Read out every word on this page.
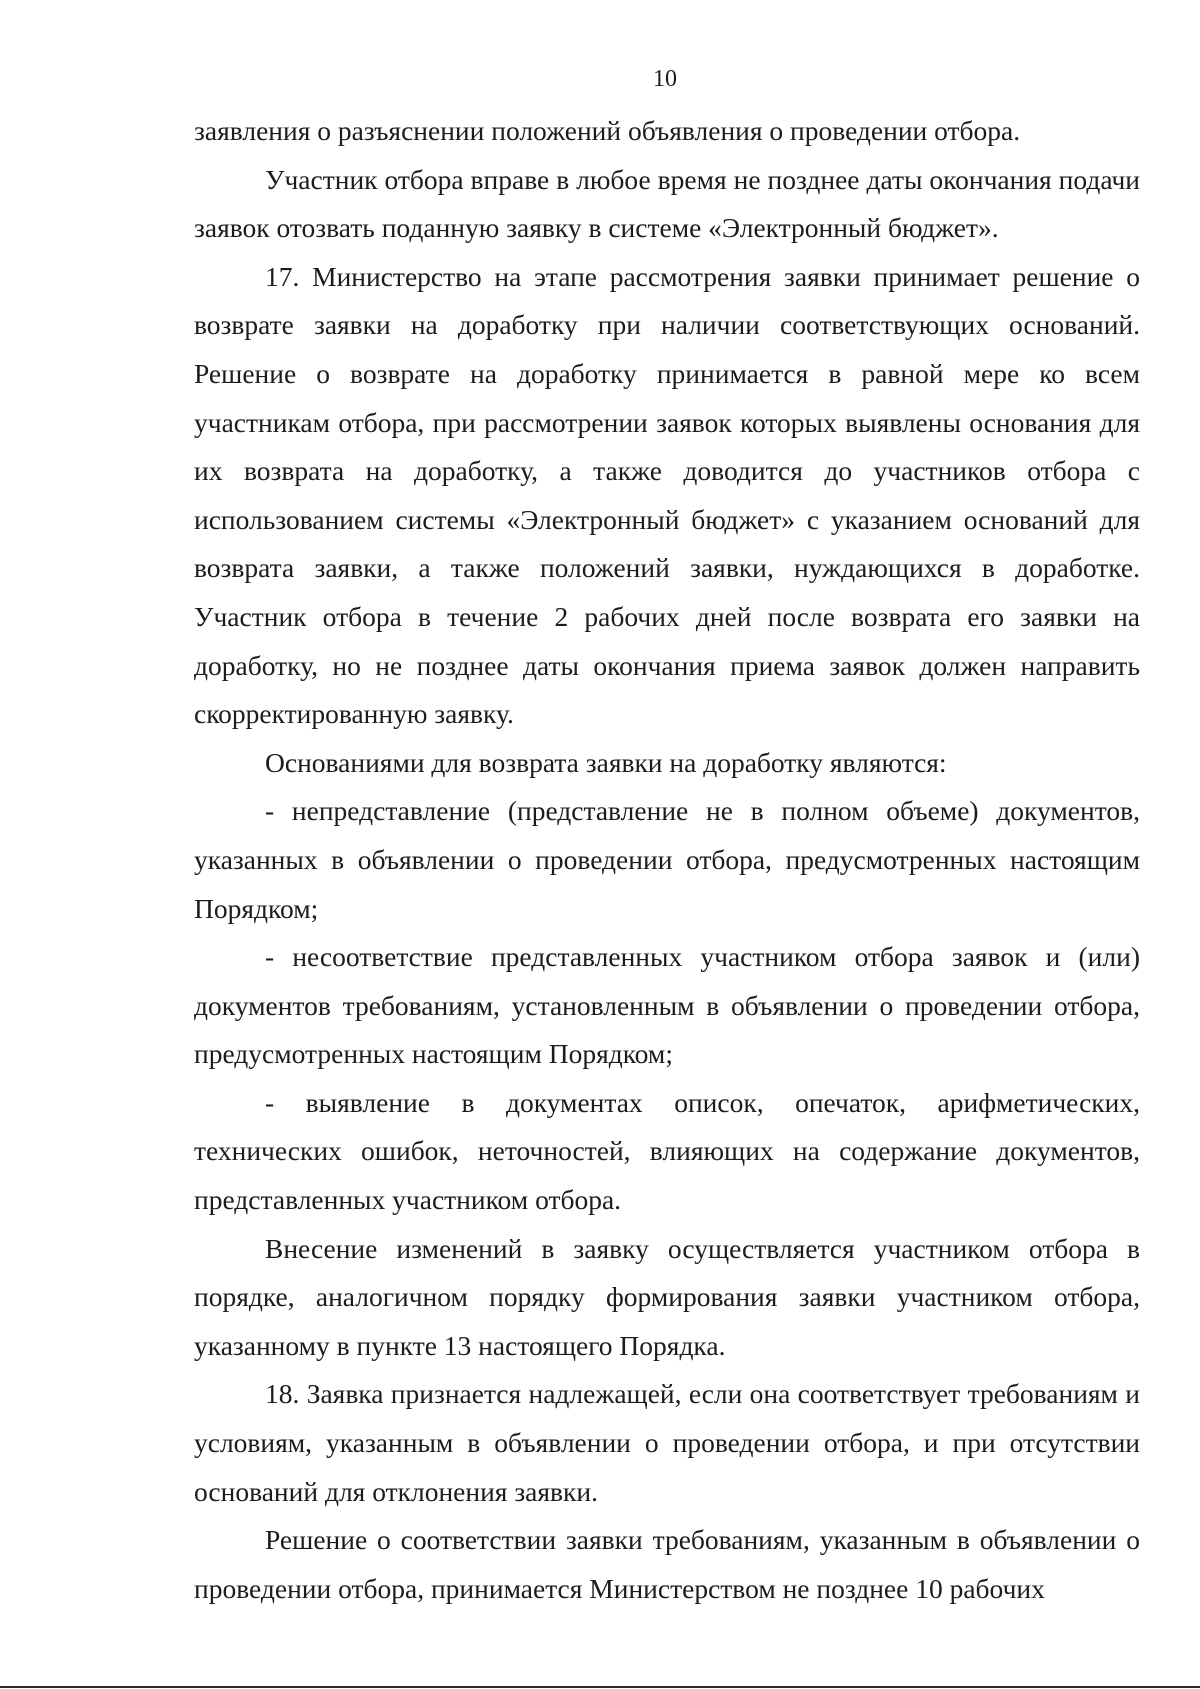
10

заявления о разъяснении положений объявления о проведении отбора.

Участник отбора вправе в любое время не позднее даты окончания подачи заявок отозвать поданную заявку в системе «Электронный бюджет».

17. Министерство на этапе рассмотрения заявки принимает решение о возврате заявки на доработку при наличии соответствующих оснований. Решение о возврате на доработку принимается в равной мере ко всем участникам отбора, при рассмотрении заявок которых выявлены основания для их возврата на доработку, а также доводится до участников отбора с использованием системы «Электронный бюджет» с указанием оснований для возврата заявки, а также положений заявки, нуждающихся в доработке. Участник отбора в течение 2 рабочих дней после возврата его заявки на доработку, но не позднее даты окончания приема заявок должен направить скорректированную заявку.

Основаниями для возврата заявки на доработку являются:

- непредставление (представление не в полном объеме) документов, указанных в объявлении о проведении отбора, предусмотренных настоящим Порядком;

- несоответствие представленных участником отбора заявок и (или) документов требованиям, установленным в объявлении о проведении отбора, предусмотренных настоящим Порядком;

- выявление в документах описок, опечаток, арифметических, технических ошибок, неточностей, влияющих на содержание документов, представленных участником отбора.

Внесение изменений в заявку осуществляется участником отбора в порядке, аналогичном порядку формирования заявки участником отбора, указанному в пункте 13 настоящего Порядка.

18. Заявка признается надлежащей, если она соответствует требованиям и условиям, указанным в объявлении о проведении отбора, и при отсутствии оснований для отклонения заявки.

Решение о соответствии заявки требованиям, указанным в объявлении о проведении отбора, принимается Министерством не позднее 10 рабочих
